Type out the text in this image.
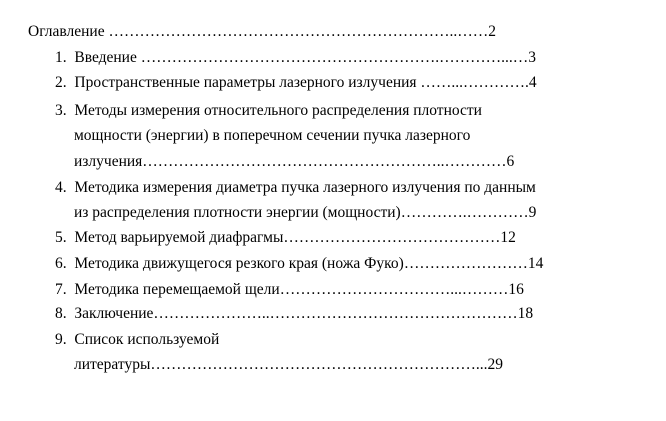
Оглавление …………………………………………………………..……2
1.  Введение ………………………………………………….…………...…3
2.  Пространственные параметры лазерного излучения ……...………….4
3.  Методы измерения относительного распределения плотности
мощности (энергии) в поперечном сечении пучка лазерного
излучения…………………………………………………..…………6
4.  Методика измерения диаметра пучка лазерного излучения по данным
из распределения плотности энергии (мощности)………….…………9
5.  Метод варьируемой диафрагмы……………………………………12
6.  Методика движущегося резкого края (ножа Фуко)……………………14
7.  Методика перемещаемой щели……………………………...………16
8.  Заключение…………………..…………………………………………18
9.  Список используемой
литературы………………………………………………………...29
